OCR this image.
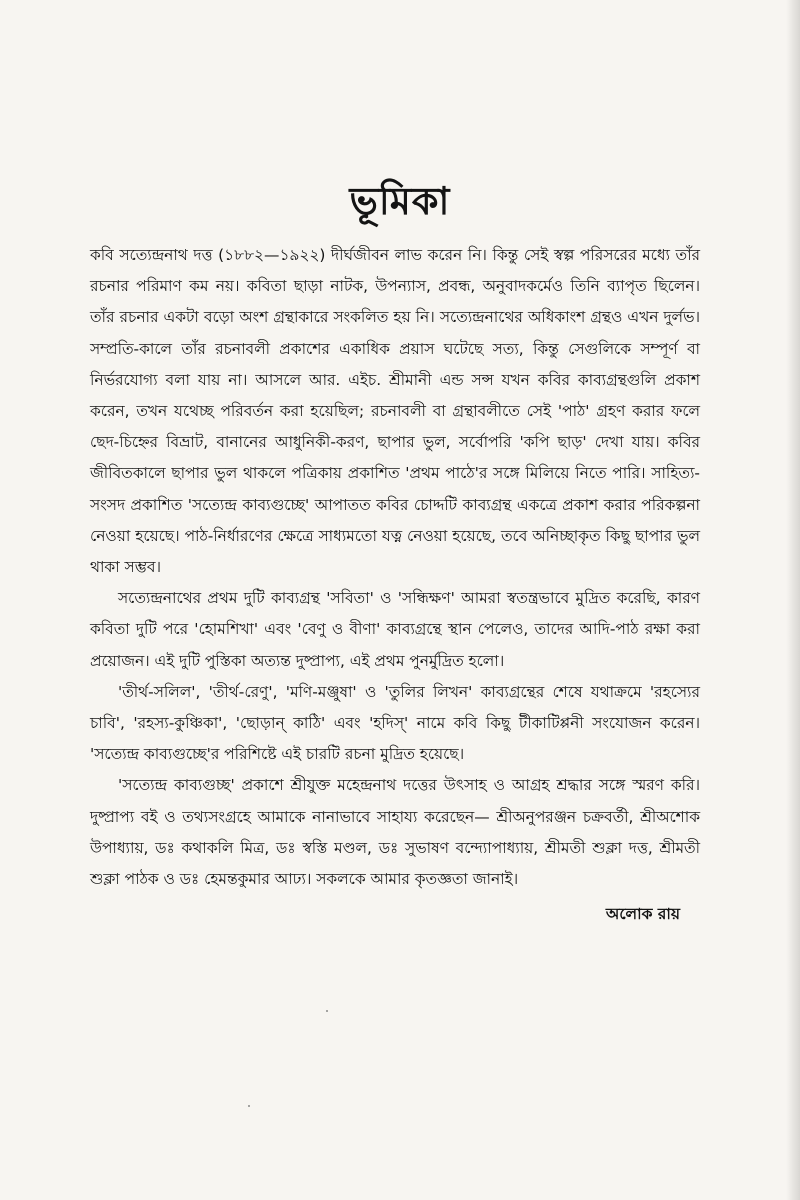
ভূমিকা

কবি সত্যেন্দ্রনাথ দত্ত (১৮৮২—১৯২২) দীর্ঘজীবন লাভ করেন নি। কিন্তু সেই স্বল্প পরিসরের মধ্যে তাঁর রচনার পরিমাণ কম নয়। কবিতা ছাড়া নাটক, উপন্যাস, প্রবন্ধ, অনুবাদকর্মেও তিনি ব্যাপৃত ছিলেন। তাঁর রচনার একটা বড়ো অংশ গ্রন্থাকারে সংকলিত হয় নি। সত্যেন্দ্রনাথের অধিকাংশ গ্রন্থও এখন দুর্লভ। সম্প্রতি-কালে তাঁর রচনাবলী প্রকাশের একাধিক প্রয়াস ঘটেছে সত্য, কিন্তু সেগুলিকে সম্পূর্ণ বা নির্ভরযোগ্য বলা যায় না। আসলে আর. এইচ. শ্রীমানী এন্ড সন্স যখন কবির কাব্যগ্রন্থগুলি প্রকাশ করেন, তখন যথেচ্ছ পরিবর্তন করা হয়েছিল; রচনাবলী বা গ্রন্থাবলীতে সেই 'পাঠ' গ্রহণ করার ফলে ছেদ-চিহ্নের বিভ্রাট, বানানের আধুনিকী-করণ, ছাপার ভুল, সর্বোপরি 'কপি ছাড়' দেখা যায়। কবির জীবিতকালে ছাপার ভুল থাকলে পত্রিকায় প্রকাশিত 'প্রথম পাঠে'র সঙ্গে মিলিয়ে নিতে পারি। সাহিত্য-সংসদ প্রকাশিত 'সত্যেন্দ্র কাব্যগুচ্ছে' আপাতত কবির চোদ্দটি কাব্যগ্রন্থ একত্রে প্রকাশ করার পরিকল্পনা নেওয়া হয়েছে। পাঠ-নির্ধারণের ক্ষেত্রে সাধ্যমতো যত্ন নেওয়া হয়েছে, তবে অনিচ্ছাকৃত কিছু ছাপার ভুল থাকা সম্ভব।

সত্যেন্দ্রনাথের প্রথম দুটি কাব্যগ্রন্থ 'সবিতা' ও 'সন্ধিক্ষণ' আমরা স্বতন্ত্রভাবে মুদ্রিত করেছি, কারণ কবিতা দুটি পরে 'হোমশিখা' এবং 'বেণু ও বীণা' কাব্যগ্রন্থে স্থান পেলেও, তাদের আদি-পাঠ রক্ষা করা প্রয়োজন। এই দুটি পুস্তিকা অত্যন্ত দুষ্প্রাপ্য, এই প্রথম পুনর্মুদ্রিত হলো।

'তীর্থ-সলিল', 'তীর্থ-রেণু', 'মণি-মঞ্জুষা' ও 'তুলির লিখন' কাব্যগ্রন্থের শেষে যথাক্রমে 'রহস্যের চাবি', 'রহস্য-কুঞ্চিকা', 'ছোড়ান্ কাঠি' এবং 'হদিস্' নামে কবি কিছু টীকাটিপ্পনী সংযোজন করেন। 'সত্যেন্দ্র কাব্যগুচ্ছে'র পরিশিষ্টে এই চারটি রচনা মুদ্রিত হয়েছে।

'সত্যেন্দ্র কাব্যগুচ্ছ' প্রকাশে শ্রীযুক্ত মহেন্দ্রনাথ দত্তের উৎসাহ ও আগ্রহ শ্রদ্ধার সঙ্গে স্মরণ করি। দুষ্প্রাপ্য বই ও তথ্যসংগ্রহে আমাকে নানাভাবে সাহায্য করেছেন— শ্রীঅনুপরঞ্জন চক্রবর্তী, শ্রীঅশোক উপাধ্যায়, ডঃ কথাকলি মিত্র, ডঃ স্বস্তি মণ্ডল, ডঃ সুভাষণ বন্দ্যোপাধ্যায়, শ্রীমতী শুক্লা দত্ত, শ্রীমতী শুক্লা পাঠক ও ডঃ হেমন্তকুমার আঢ্য। সকলকে আমার কৃতজ্ঞতা জানাই।

অলোক রায়
